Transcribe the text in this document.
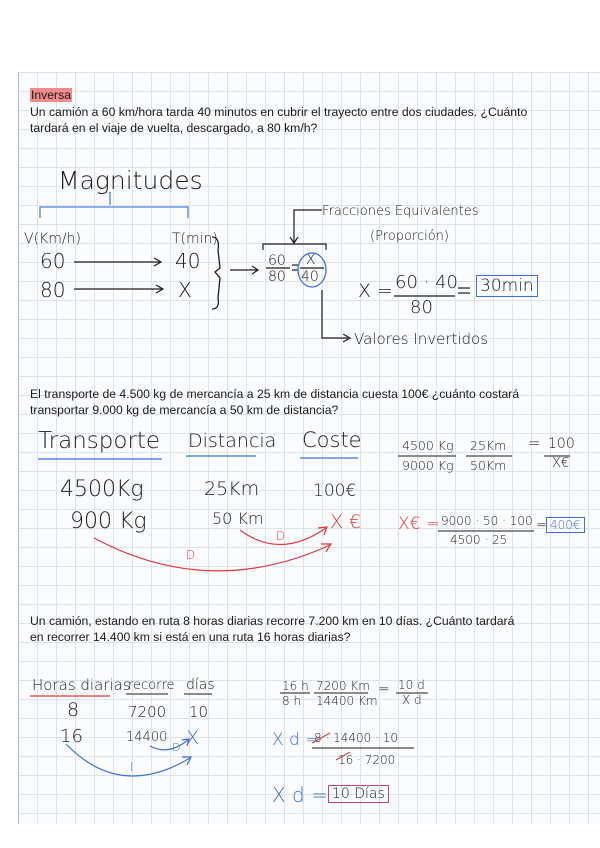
Inversa
Un camión a 60 km/hora tarda 40 minutos en cubrir el trayecto entre dos ciudades. ¿Cuánto
tardará en el viaje de vuelta, descargado, a 80 km/h?
Magnitudes
V(Km/h)	T(min)
60	40
80	X
Fracciones Equivalentes
(Proporción)
60
80
X
40
X = 60 · 40
80
30min
Valores Invertidos
El transporte de 4.500 kg de mercancía a 25 km de distancia cuesta 100€ ¿cuánto costará
transportar 9.000 kg de mercancía a 50 km de distancia?
Transporte Distancia Coste
4500Kg	25Km	100€
900 Kg	50 Km	X €
D
D
4500 Kg
9000 Kg
25Km
50Km
= 100
X€
X€ = 9000 · 50 · 100
4500 · 25
= 400€
Un camión, estando en ruta 8 horas diarias recorre 7.200 km en 10 días. ¿Cuánto tardará
en recorrer 14.400 km si está en una ruta 16 horas diarias?
Horas diarias
recorre días
8	7200 10
16	14400 X
D
I
16 h
8 h
7200 Km
14400 Km
= 10 d
X d
X d =
8 · 14400 · 10
16 · 7200
X d = 10 Días
